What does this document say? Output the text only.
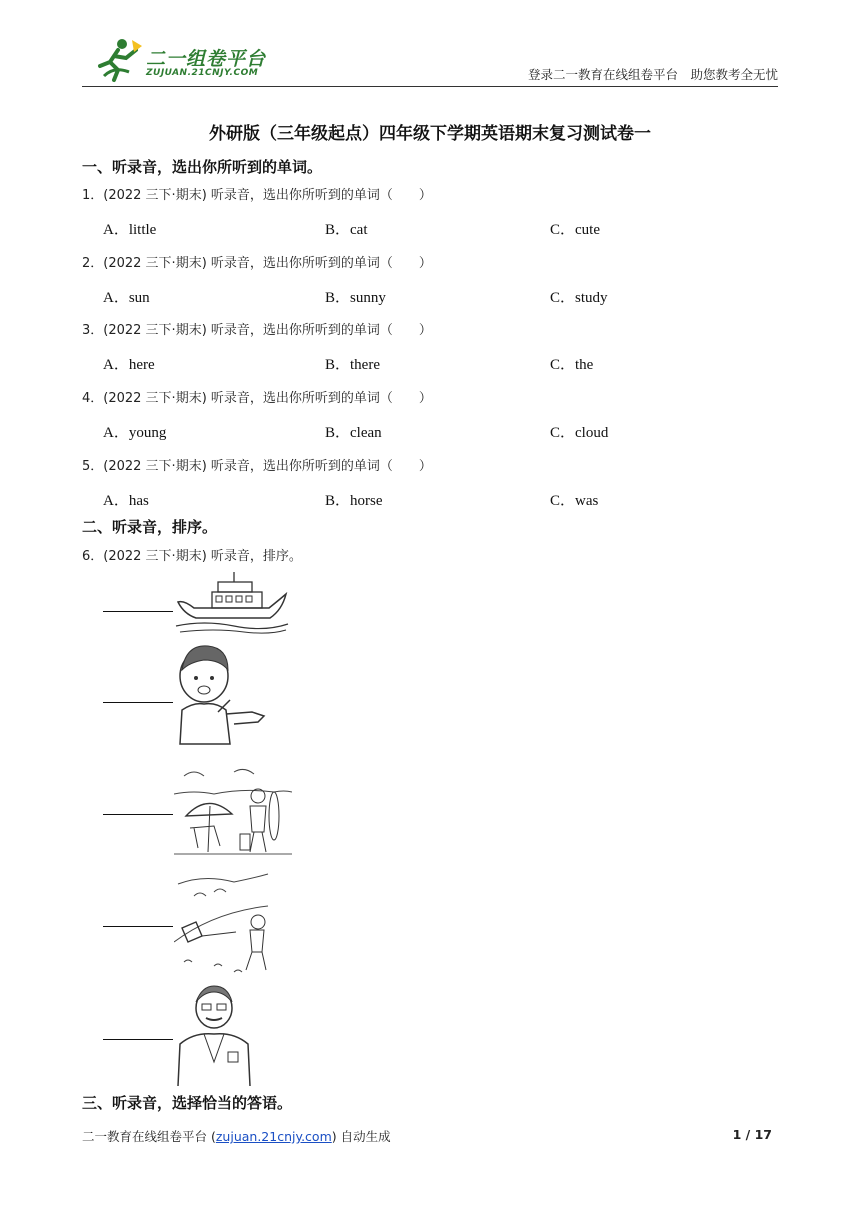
二一组卷平台
ZUJUAN.21CNJY.COM	登录二一教育在线组卷平台　助您教考全无忧
外研版（三年级起点）四年级下学期英语期末复习测试卷一
一、听录音，选出你所听到的单词。
1．(2022 三下·期末) 听录音，选出你所听到的单词（　　）
A．little	B．cat	C．cute
2．(2022 三下·期末) 听录音，选出你所听到的单词（　　）
A．sun	B．sunny	C．study
3．(2022 三下·期末) 听录音，选出你所听到的单词（　　）
A．here	B．there	C．the
4．(2022 三下·期末) 听录音，选出你所听到的单词（　　）
A．young	B．clean	C．cloud
5．(2022 三下·期末) 听录音，选出你所听到的单词（　　）
A．has	B．horse	C．was
二、听录音，排序。
6．(2022 三下·期末) 听录音，排序。
三、听录音，选择恰当的答语。
二一教育在线组卷平台 (zujuan.21cnjy.com) 自动生成	1 / 17
